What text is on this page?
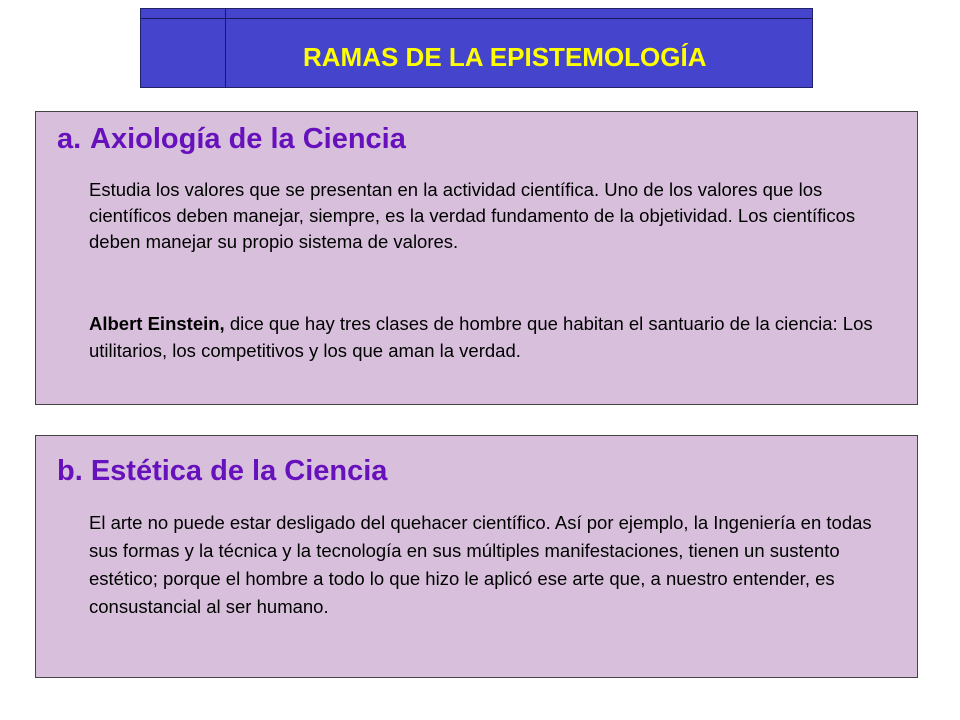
RAMAS DE LA EPISTEMOLOGÍA
a. Axiología de la Ciencia
Estudia los valores que se presentan en la actividad científica. Uno de los valores que los científicos deben manejar, siempre, es la verdad fundamento de la objetividad. Los científicos deben manejar su propio sistema de valores.
Albert Einstein, dice que hay tres clases de hombre que habitan el santuario de la ciencia: Los utilitarios, los competitivos y los que aman la verdad.
b. Estética de la Ciencia
El arte no puede estar desligado del quehacer científico. Así por ejemplo, la Ingeniería en todas sus formas y la técnica y la tecnología en sus múltiples manifestaciones, tienen un sustento estético; porque el hombre a todo lo que hizo le aplicó ese arte que, a nuestro entender, es consustancial al ser humano.
